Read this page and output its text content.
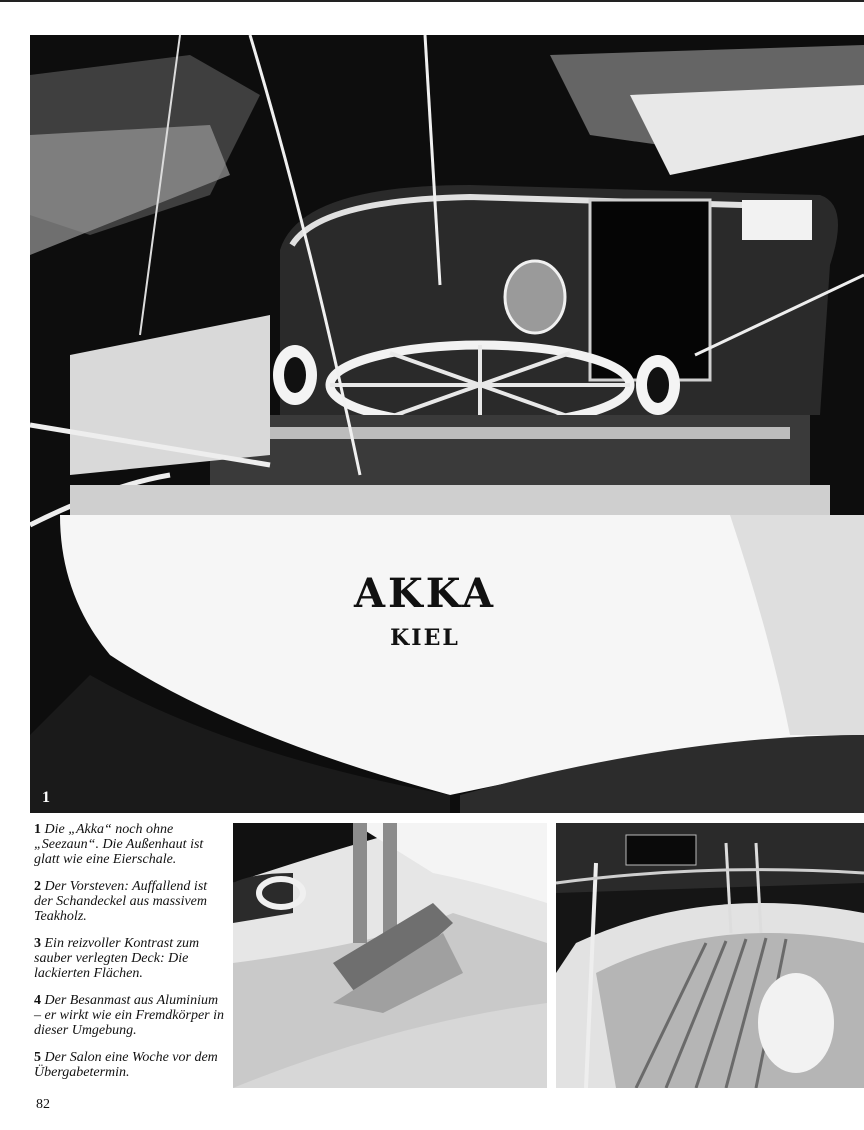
AKKA
KIEL
1

1 Die „Akka“ noch ohne „Seezaun“. Die Außenhaut ist glatt wie eine Eierschale.

2 Der Vorsteven: Auffallend ist der Schandeckel aus massivem Teakholz.

3 Ein reizvoller Kontrast zum sauber verlegten Deck: Die lackierten Flächen.

4 Der Besanmast aus Aluminium – er wirkt wie ein Fremdkörper in dieser Umgebung.

5 Der Salon eine Woche vor dem Übergabetermin.

82
